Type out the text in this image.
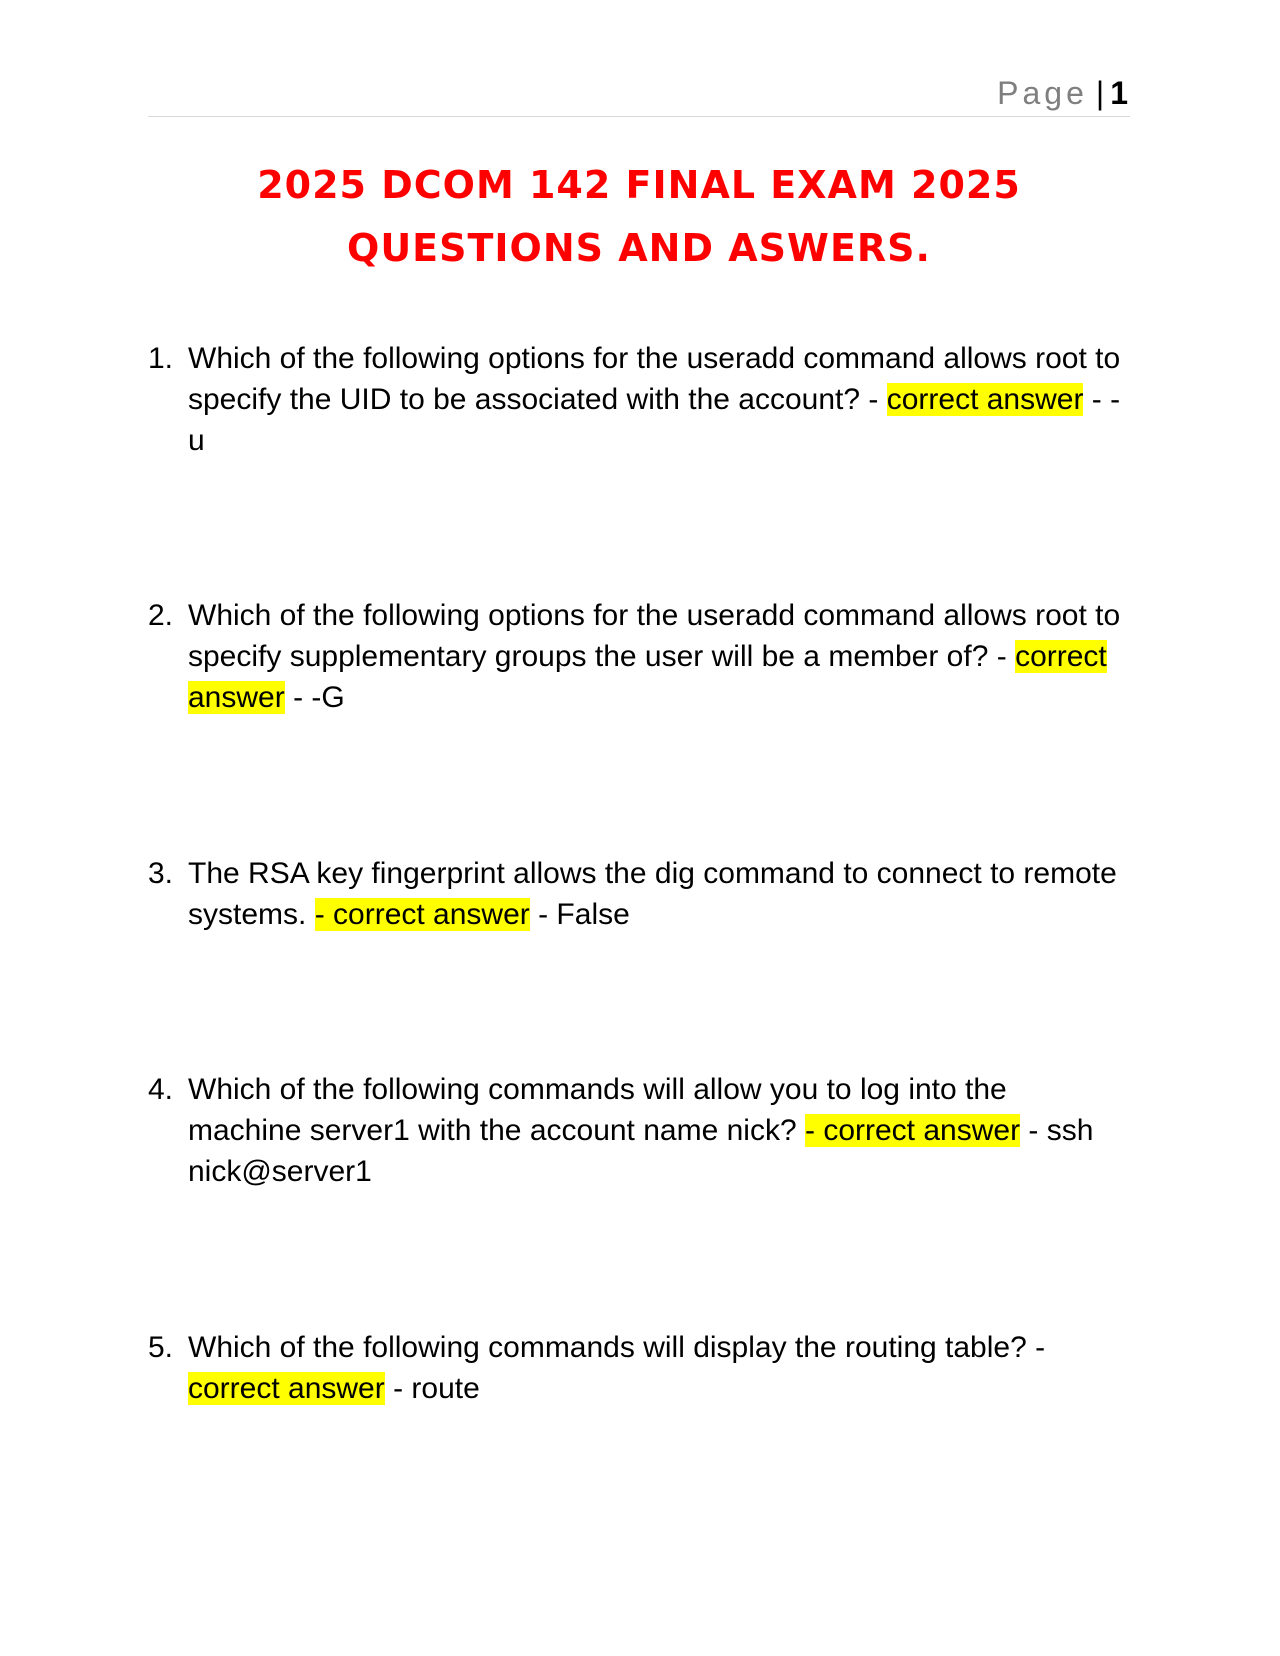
Page | 1
2025 DCOM 142 FINAL EXAM 2025
QUESTIONS AND ASWERS.
1. Which of the following options for the useradd command allows root to specify the UID to be associated with the account? - correct answer - -u
2. Which of the following options for the useradd command allows root to specify supplementary groups the user will be a member of? - correct answer - -G
3. The RSA key fingerprint allows the dig command to connect to remote systems. - correct answer - False
4. Which of the following commands will allow you to log into the machine server1 with the account name nick? - correct answer - ssh nick@server1
5. Which of the following commands will display the routing table? - correct answer - route
